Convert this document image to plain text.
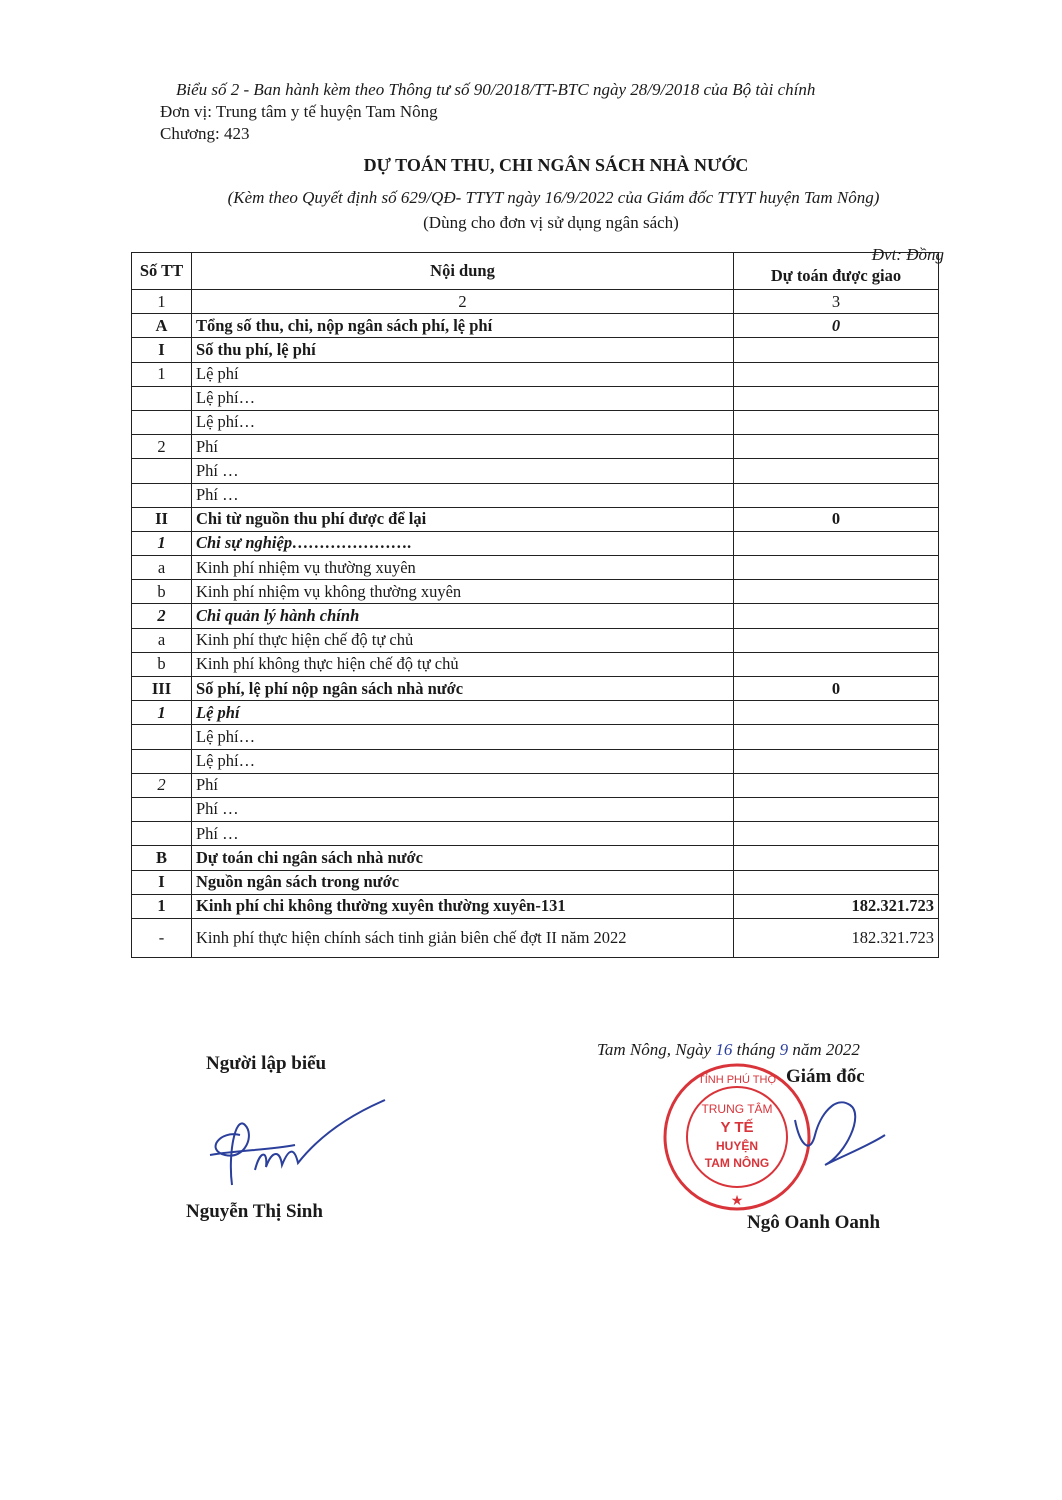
Biểu số 2 - Ban hành kèm theo Thông tư số 90/2018/TT-BTC ngày 28/9/2018 của Bộ tài chính
Đơn vị: Trung tâm y tế huyện Tam Nông
Chương: 423
DỰ TOÁN THU, CHI NGÂN SÁCH NHÀ NƯỚC
(Kèm theo Quyết định số 629/QĐ- TTYT ngày 16/9/2022 của Giám đốc TTYT huyện Tam Nông)
(Dùng cho đơn vị sử dụng ngân sách)
Đvt: Đồng
Số TT	Nội dung	Dự toán được giao
1	2	3
A	Tổng số thu, chi, nộp ngân sách phí, lệ phí	0
I	Số thu phí, lệ phí	
1	Lệ phí	
	Lệ phí…	
	Lệ phí…	
2	Phí	
	Phí …	
	Phí …	
II	Chi từ nguồn thu phí được để lại	0
1	Chi sự nghiệp………………….	
a	Kinh phí nhiệm vụ thường xuyên	
b	Kinh phí nhiệm vụ không thường xuyên	
2	Chi quản lý hành chính	
a	Kinh phí thực hiện chế độ tự chủ	
b	Kinh phí không thực hiện chế độ tự chủ	
III	Số phí, lệ phí nộp ngân sách nhà nước	0
1	Lệ phí	
	Lệ phí…	
	Lệ phí…	
2	Phí	
	Phí …	
	Phí …	
B	Dự toán chi ngân sách nhà nước	
I	Nguồn ngân sách trong nước	
1	Kinh phí chi không thường xuyên thường xuyên-131	182.321.723
-	Kinh phí thực hiện chính sách tinh giản biên chế đợt II năm 2022	182.321.723
Người lập biểu
Nguyễn Thị Sinh
Tam Nông, Ngày 16 tháng 9 năm 2022
Giám đốc
Ngô Oanh Oanh
TỈNH PHÚ THỌ
TRUNG TÂM
Y TẾ
HUYỆN
TAM NÔNG
★
